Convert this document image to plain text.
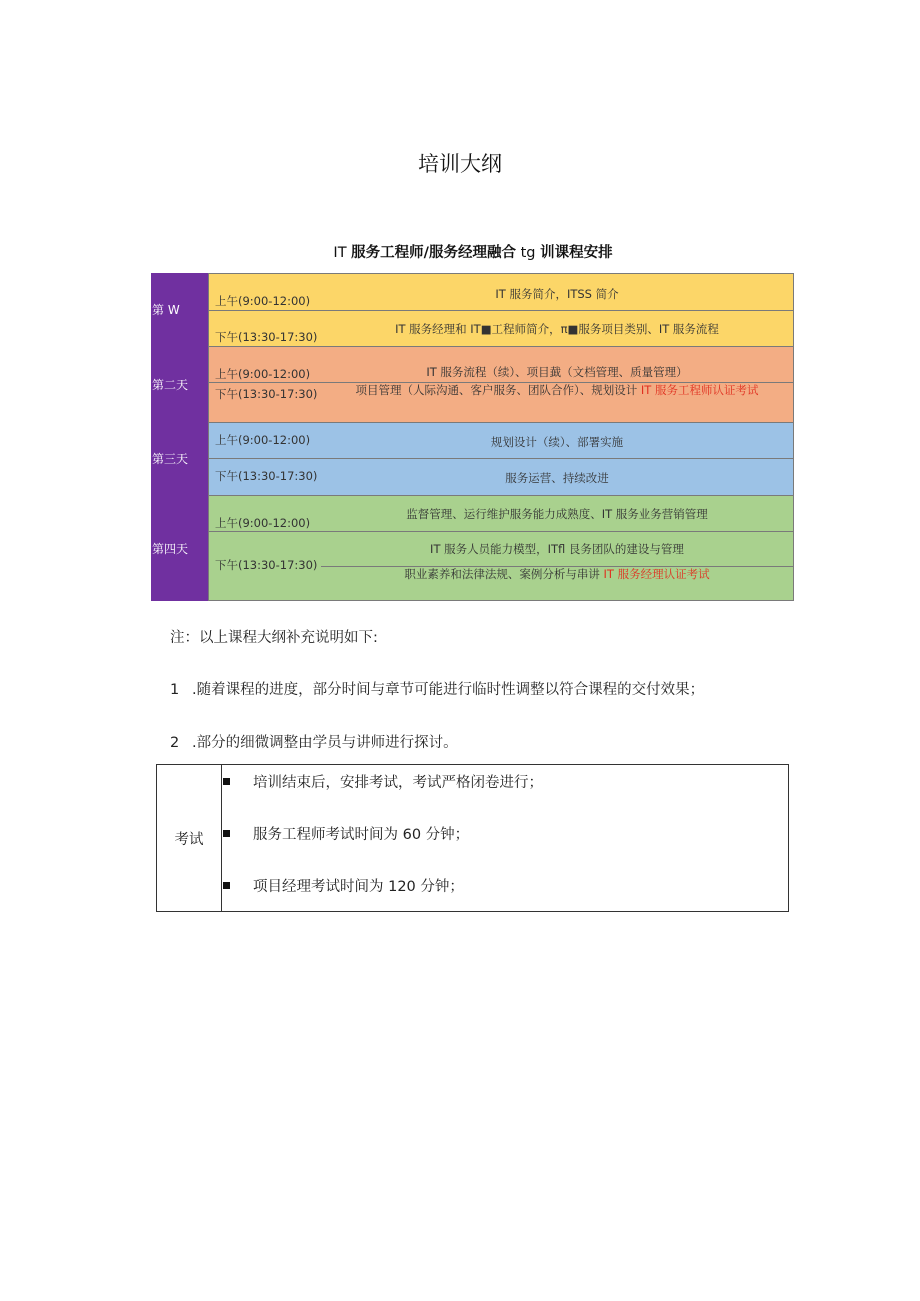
培训大纲
IT 服务工程师/服务经理融合 tg 训课程安排
第 W
上午(9:00-12:00)
下午(13:30-17:30)
IT 服务简介，ITSS 简介
IT 服务经理和 IT■工程师简介，π■服务项目类别、IT 服务流程
第二天
上午(9:00-12:00)
下午(13:30-17:30)
IT 服务流程（续）、项目韯（文档管理、质量管理）
项目管理（人际沟通、客户服务、团队合作）、规划设计 IT 服务工程师认证考试
第三天
上午(9:00-12:00)
下午(13:30-17:30)
规划设计（续）、部署实施
服务运营、持续改进
第四天
上午(9:00-12:00)
下午(13:30-17:30)
监督管理、运行维护服务能力成熟度、IT 服务业务营销管理
IT 服务人员能力模型，ITfl 艮务团队的建设与管理
职业素养和法律法规、案例分析与串讲 IT 服务经理认证考试
注：以上课程大纲补充说明如下:
1 .随着课程的进度，部分时间与章节可能进行临时性调整以符合课程的交付效果；
2 .部分的细微调整由学员与讲师进行探讨。
考试
培训结束后，安排考试，考试严格闭卷进行；
服务工程师考试时间为 60 分钟；
项目经理考试时间为 120 分钟；
